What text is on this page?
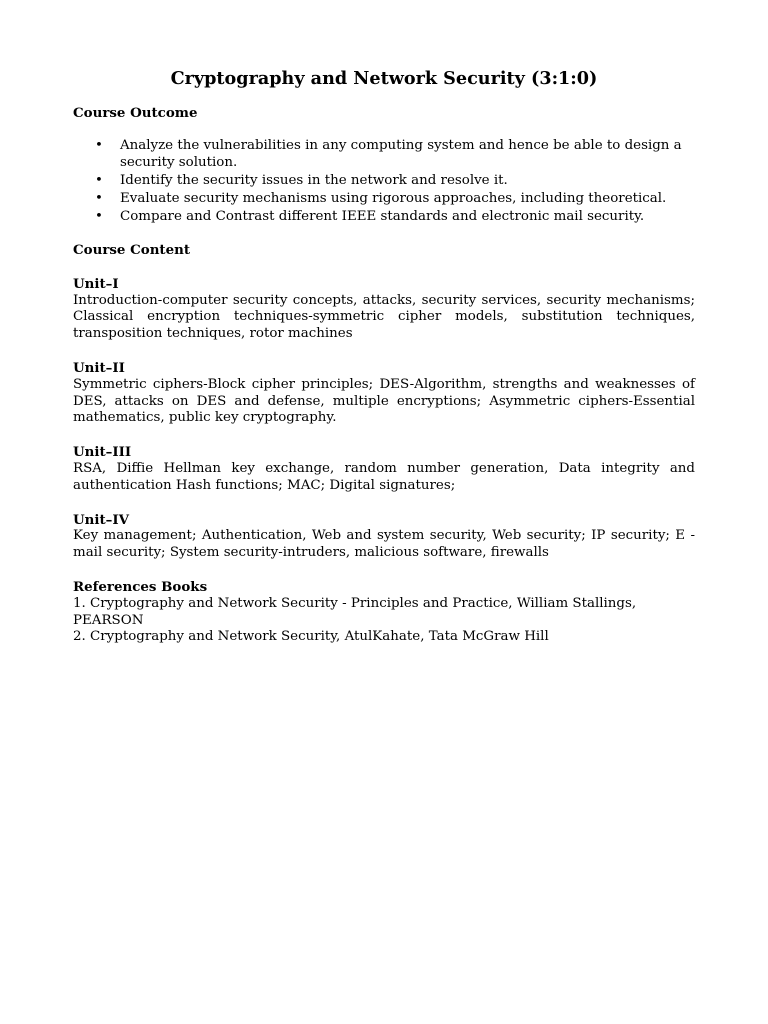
Cryptography and Network Security (3:1:0)
Course Outcome
• Analyze the vulnerabilities in any computing system and hence be able to design a security solution.
• Identify the security issues in the network and resolve it.
• Evaluate security mechanisms using rigorous approaches, including theoretical.
• Compare and Contrast different IEEE standards and electronic mail security.
Course Content
Unit–I

Introduction-computer security concepts, attacks, security services, security mechanisms; Classical encryption techniques-symmetric cipher models, substitution techniques, transposition techniques, rotor machines

Unit–II

Symmetric ciphers-Block cipher principles; DES-Algorithm, strengths and weaknesses of DES, attacks on DES and defense, multiple encryptions; Asymmetric ciphers-Essential mathematics, public key cryptography.

Unit–III

RSA, Diffie Hellman key exchange, random number generation, Data integrity and authentication Hash functions; MAC; Digital signatures;

Unit–IV

Key management; Authentication, Web and system security, Web security; IP security; E -mail security; System security-intruders, malicious software, firewalls

References Books

1. Cryptography and Network Security - Principles and Practice, William Stallings, PEARSON

2. Cryptography and Network Security, AtulKahate, Tata McGraw Hill
